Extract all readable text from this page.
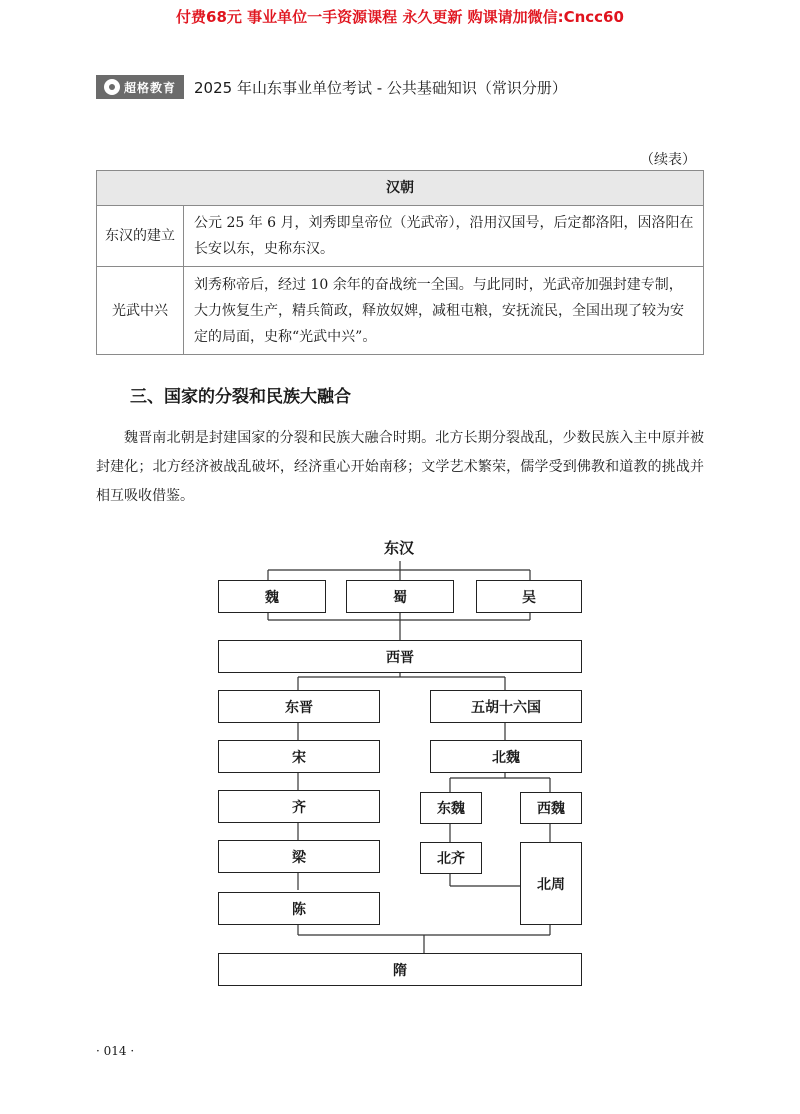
付费68元 事业单位一手资源课程 永久更新 购课请加微信:Cncc60
超格教育 2025 年山东事业单位考试 - 公共基础知识（常识分册）
（续表）
汉朝	
东汉的建立	公元 25 年 6 月，刘秀即皇帝位（光武帝），沿用汉国号，后定都洛阳，因洛阳在长安以东，史称东汉。
光武中兴	刘秀称帝后，经过 10 余年的奋战统一全国。与此同时，光武帝加强封建专制，大力恢复生产，精兵简政，释放奴婢，减租屯粮，安抚流民，全国出现了较为安定的局面，史称“光武中兴”。
三、国家的分裂和民族大融合
魏晋南北朝是封建国家的分裂和民族大融合时期。北方长期分裂战乱，少数民族入主中原并被封建化；北方经济被战乱破坏，经济重心开始南移；文学艺术繁荣，儒学受到佛教和道教的挑战并相互吸收借鉴。
东汉
魏	蜀	吴
西晋
东晋
宋
齐
梁
陈
五胡十六国
北魏
东魏
北齐
西魏
北周
隋
· 014 ·
